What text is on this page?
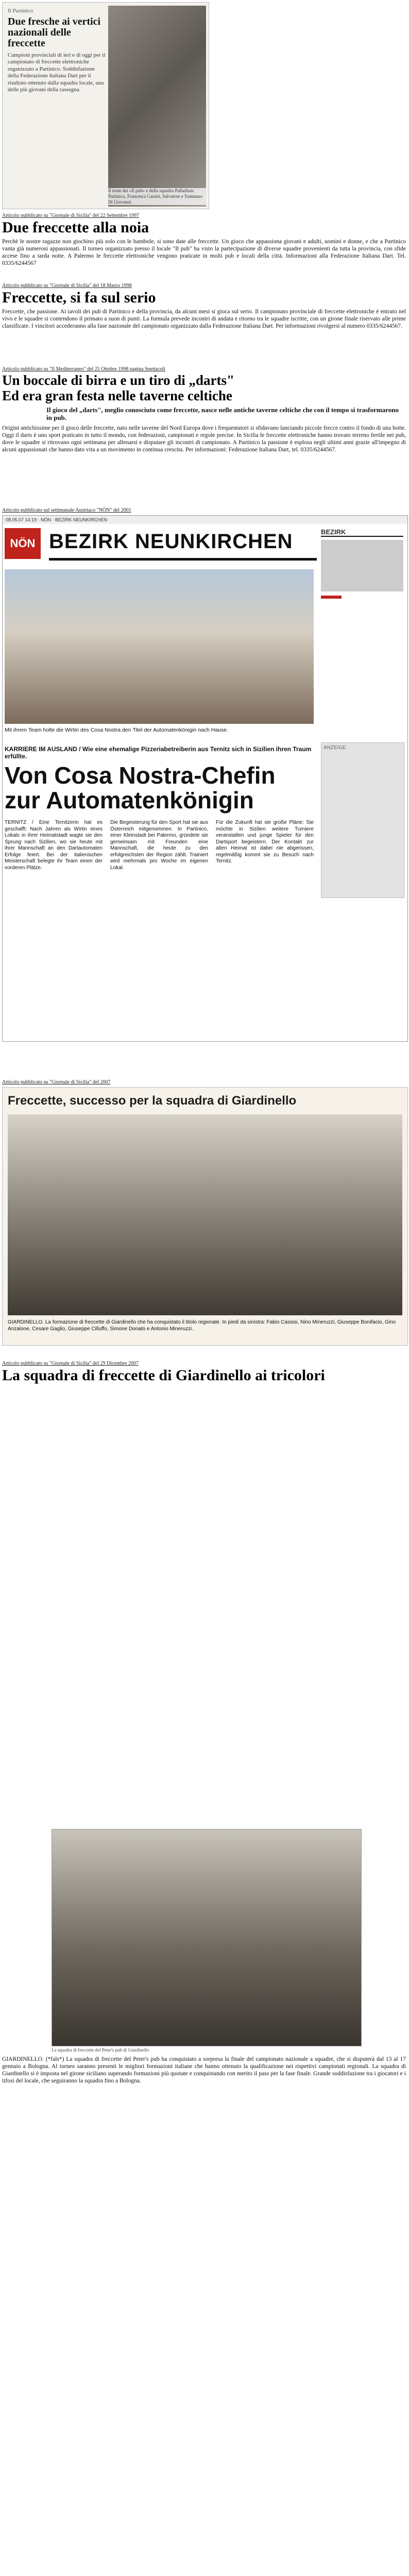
Il Partinico
Due fresche ai vertici nazionali delle freccette
Campioni provinciali di ieri e di oggi per il campionato di freccette elettroniche organizzato a Partinico. Soddisfazione della Federazione Italiana Dart per il risultato ottenuto dalla squadra locale, una delle più giovani della rassegna.
Il team dei «Il pub» e della squadra Palladium Partinico, Francesca Cassisi, Salvatore e Tommaso Di Giovanni
Articolo pubblicato su "Giornale di Sicilia" del 22 Settembre 1997
Due freccette alla noia
Perchè le nostre ragazze non giochino più solo con le bambole, si sono date alle freccette. Un gioco che appassiona giovani e adulti, uomini e donne, e che a Partinico vanta già numerosi appassionati. Il torneo organizzato presso il locale "Il pub" ha visto la partecipazione di diverse squadre provenienti da tutta la provincia, con sfide accese fino a tarda notte. A Palermo le freccette elettroniche vengono praticate in molti pub e locali della città. Informazioni alla Federazione Italiana Dart. Tel. 0335/6244567
Articolo pubblicato su "Giornale di Sicilia" del 18 Marzo 1998
Freccette, si fa sul serio
Freccette, che passione. Ai tavoli dei pub di Partinico e della provincia, da alcuni mesi si gioca sul serio. Il campionato provinciale di freccette elettroniche è entrato nel vivo e le squadre si contendono il primato a suon di punti. La formula prevede incontri di andata e ritorno tra le squadre iscritte, con un girone finale riservato alle prime classificate. I vincitori accederanno alla fase nazionale del campionato organizzato dalla Federazione Italiana Dart. Per informazioni rivolgersi al numero 0335/6244567.
Articolo pubblicato su "Il Mediterraneo" del 25 Ottobre 1998 pagina Spettacoli
Un boccale di birra e un tiro di „darts"
Ed era gran festa nelle taverne celtiche
Il gioco del „darts", meglio conosciuto come freccette, nasce nelle antiche taverne celtiche che con il tempo si trasformarono in pub.
Origini antichissime per il gioco delle freccette, nato nelle taverne del Nord Europa dove i frequentatori si sfidavano lanciando piccole frecce contro il fondo di una botte. Oggi il darts è uno sport praticato in tutto il mondo, con federazioni, campionati e regole precise. In Sicilia le freccette elettroniche hanno trovato terreno fertile nei pub, dove le squadre si ritrovano ogni settimana per allenarsi e disputare gli incontri di campionato. A Partinico la passione è esplosa negli ultimi anni grazie all'impegno di alcuni appassionati che hanno dato vita a un movimento in continua crescita. Per informazioni: Federazione Italiana Dart, tel. 0335/6244567.
Articolo pubblicato sul settimanale Austriaco "NÖN" del 2001
08.05.07 14:19 · NÖN · BEZIRK NEUNKIRCHEN
NÖN BEZIRK NEUNKIRCHEN	BEZIRK
ANZEIGE
Mit ihrem Team holte die Wirtin des Cosa Nostra den Titel der Automatenkönigin nach Hause.
KARRIERE IM AUSLAND / Wie eine ehemalige Pizzeriabetreiberin aus Ternitz sich in Sizilien ihren Traum erfüllte.
Von Cosa Nostra-Chefin zur Automatenkönigin
TERNITZ / Eine Ternitzerin hat es geschafft: Nach Jahren als Wirtin eines Lokals in ihrer Heimatstadt wagte sie den Sprung nach Sizilien, wo sie heute mit ihrer Mannschaft an den Dartautomaten Erfolge feiert. Bei der italienischen Meisterschaft belegte ihr Team einen der vorderen Plätze.
Die Begeisterung für den Sport hat sie aus Österreich mitgenommen. In Partinico, einer Kleinstadt bei Palermo, gründete sie gemeinsam mit Freunden eine Mannschaft, die heute zu den erfolgreichsten der Region zählt. Trainiert wird mehrmals pro Woche im eigenen Lokal.
Für die Zukunft hat sie große Pläne: Sie möchte in Sizilien weitere Turniere veranstalten und junge Spieler für den Dartsport begeistern. Der Kontakt zur alten Heimat ist dabei nie abgerissen, regelmäßig kommt sie zu Besuch nach Ternitz.
Articolo pubblicato su "Giornale di Sicilia" del 2007
Freccette, successo per la squadra di Giardinello
GIARDINELLO. La formazione di freccette di Giardinello che ha conquistato il titolo regionale. In piedi da sinistra: Fabio Cassisi, Nino Mineruzzi, Giuseppe Bonifacio, Gino Anzalone, Cesare Gaglio, Giuseppe Cilluffo, Simone Donato e Antonio Mineruzzi.
Articolo pubblicato su "Giornale di Sicilia" del 29 Dicembre 2007
La squadra di freccette di Giardinello ai tricolori
GIARDINELLO. (*fals*) La squadra di freccette del Peter's pub ha conquistato a sorpresa la finale del campionato nazionale a squadre, che si disputerà dal 13 al 17 gennaio a Bologna. Al torneo saranno presenti le migliori formazioni italiane che hanno ottenuto la qualificazione nei rispettivi campionati regionali. La squadra di Giardinello si è imposta nel girone siciliano superando formazioni più quotate e conquistando con merito il pass per la fase finale. Grande soddisfazione tra i giocatori e i tifosi del locale, che seguiranno la squadra fino a Bologna.
La squadra di freccette del Peter's pub di Giardinello
